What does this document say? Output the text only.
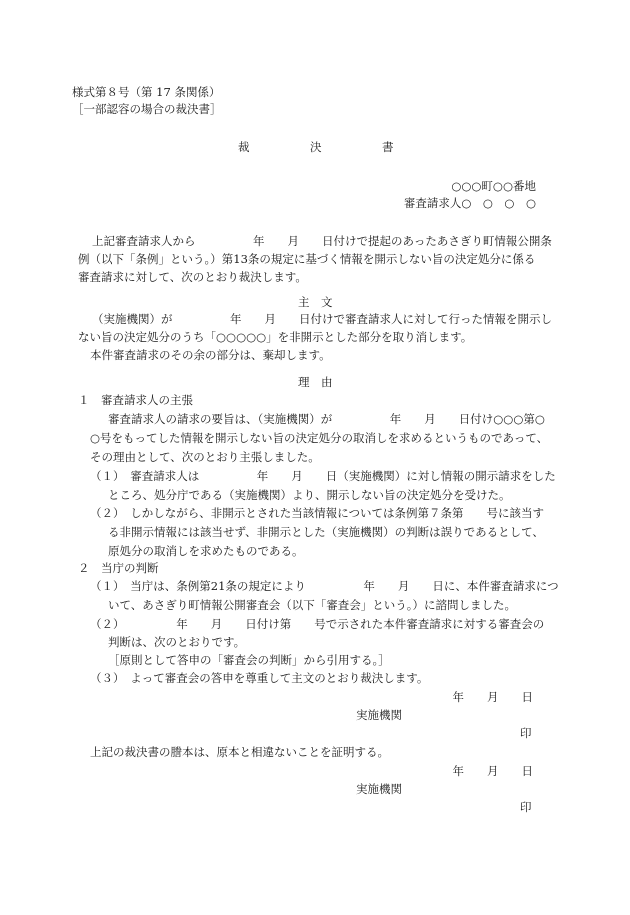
様式第８号（第 17 条関係）
［一部認容の場合の裁決書］
裁	決	書
○○○町○○番地
審査請求人○　○　○　○
上記審査請求人から　　　　　年　　月　　日付けで提起のあったあさぎり町情報公開条
例（以下「条例」という。）第13条の規定に基づく情報を開示しない旨の決定処分に係る
審査請求に対して、次のとおり裁決します。
主　文
（実施機関）が　　　　　年　　月　　日付けで審査請求人に対して行った情報を開示し
ない旨の決定処分のうち「○○○○○」を非開示とした部分を取り消します。
本件審査請求のその余の部分は、棄却します。
理　由
１　審査請求人の主張
審査請求人の請求の要旨は、（実施機関）が　　　　　年　　月　　日付け○○○第○
○号をもってした情報を開示しない旨の決定処分の取消しを求めるというものであって、
その理由として、次のとおり主張しました。
（１）　審査請求人は　　　　　年　　月　　日（実施機関）に対し情報の開示請求をした
ところ、処分庁である（実施機関）より、開示しない旨の決定処分を受けた。
（２）　しかしながら、非開示とされた当該情報については条例第７条第　　号に該当す
る非開示情報には該当せず、非開示とした（実施機関）の判断は誤りであるとして、
原処分の取消しを求めたものである。
２　当庁の判断
（１）　当庁は、条例第21条の規定により　　　　　年　　月　　日に、本件審査請求につ
いて、あさぎり町情報公開審査会（以下「審査会」という。）に諮問しました。
（２）　　　　　年　　月　　日付け第　　号で示された本件審査請求に対する審査会の
判断は、次のとおりです。
［原則として答申の「審査会の判断」から引用する。］
（３）　よって審査会の答申を尊重して主文のとおり裁決します。
年　　月　　日
実施機関
印
上記の裁決書の謄本は、原本と相違ないことを証明する。
年　　月　　日
実施機関
印
